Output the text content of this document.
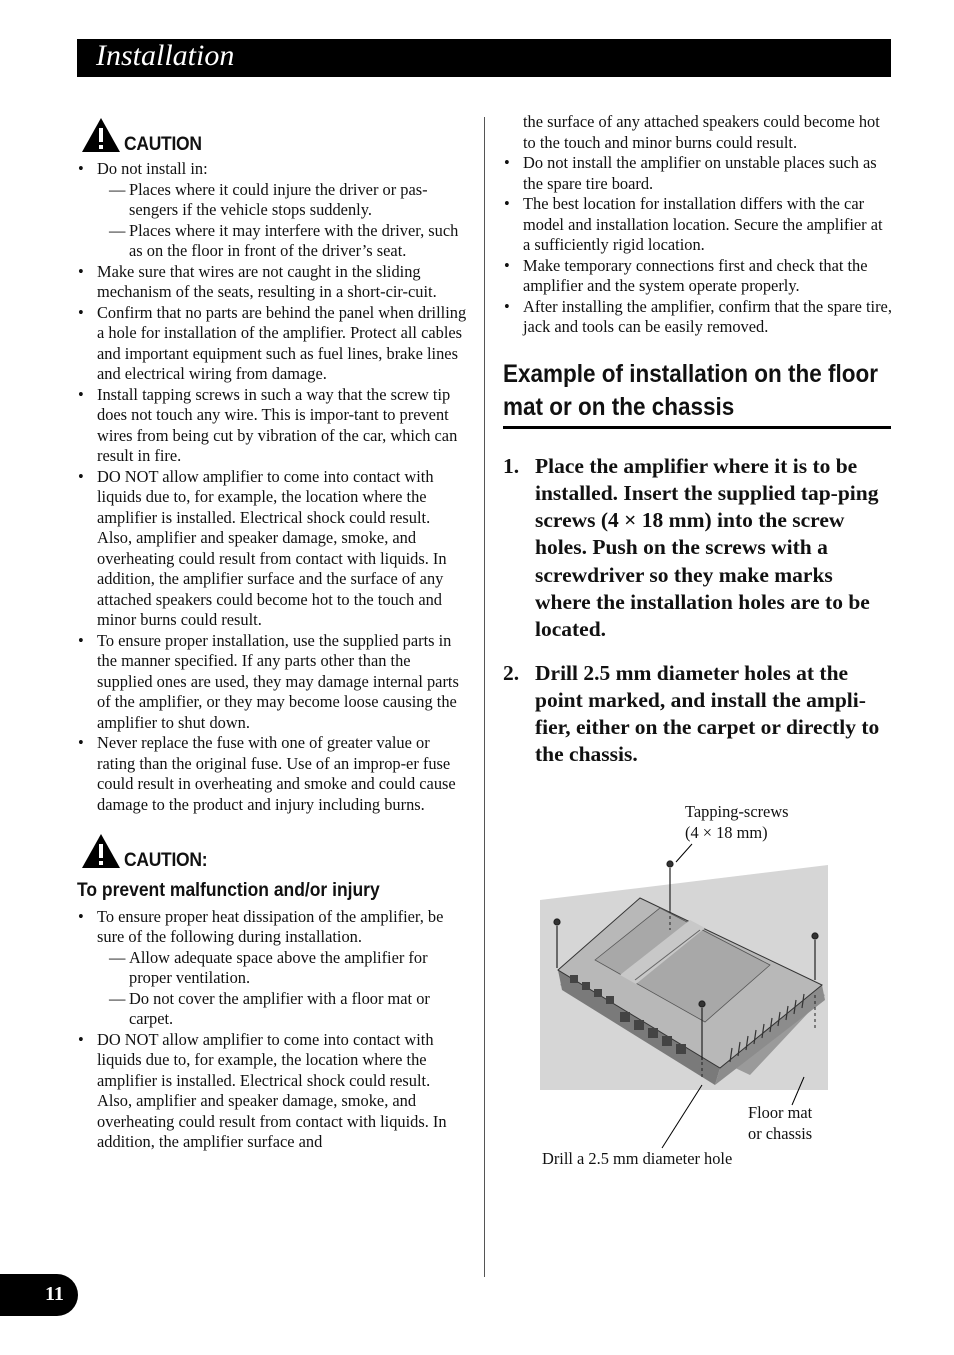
Installation
CAUTION
• Do not install in:
— Places where it could injure the driver or pas-sengers if the vehicle stops suddenly.
— Places where it may interfere with the driver, such as on the floor in front of the driver’s seat.
• Make sure that wires are not caught in the sliding mechanism of the seats, resulting in a short-cir-cuit.
• Confirm that no parts are behind the panel when drilling a hole for installation of the amplifier. Protect all cables and important equipment such as fuel lines, brake lines and electrical wiring from damage.
• Install tapping screws in such a way that the screw tip does not touch any wire. This is impor-tant to prevent wires from being cut by vibration of the car, which can result in fire.
• DO NOT allow amplifier to come into contact with liquids due to, for example, the location where the amplifier is installed. Electrical shock could result. Also, amplifier and speaker damage, smoke, and overheating could result from contact with liquids. In addition, the amplifier surface and the surface of any attached speakers could become hot to the touch and minor burns could result.
• To ensure proper installation, use the supplied parts in the manner specified. If any parts other than the supplied ones are used, they may damage internal parts of the amplifier, or they may become loose causing the amplifier to shut down.
• Never replace the fuse with one of greater value or rating than the original fuse. Use of an improp-er fuse could result in overheating and smoke and could cause damage to the product and injury including burns.
CAUTION:
To prevent malfunction and/or injury
• To ensure proper heat dissipation of the amplifier, be sure of the following during installation.
— Allow adequate space above the amplifier for proper ventilation.
— Do not cover the amplifier with a floor mat or carpet.
• DO NOT allow amplifier to come into contact with liquids due to, for example, the location where the amplifier is installed. Electrical shock could result. Also, amplifier and speaker damage, smoke, and overheating could result from contact with liquids. In addition, the amplifier surface and
the surface of any attached speakers could become hot to the touch and minor burns could result.
• Do not install the amplifier on unstable places such as the spare tire board.
• The best location for installation differs with the car model and installation location. Secure the amplifier at a sufficiently rigid location.
• Make temporary connections first and check that the amplifier and the system operate properly.
• After installing the amplifier, confirm that the spare tire, jack and tools can be easily removed.
Example of installation on the floor mat or on the chassis
1. Place the amplifier where it is to be installed. Insert the supplied tap-ping screws (4 × 18 mm) into the screw holes. Push on the screws with a screwdriver so they make marks where the installation holes are to be located.
2. Drill 2.5 mm diameter holes at the point marked, and install the ampli-fier, either on the carpet or directly to the chassis.
Tapping-screws
(4 × 18 mm)
Floor mat
or chassis
Drill a 2.5 mm diameter hole
11
